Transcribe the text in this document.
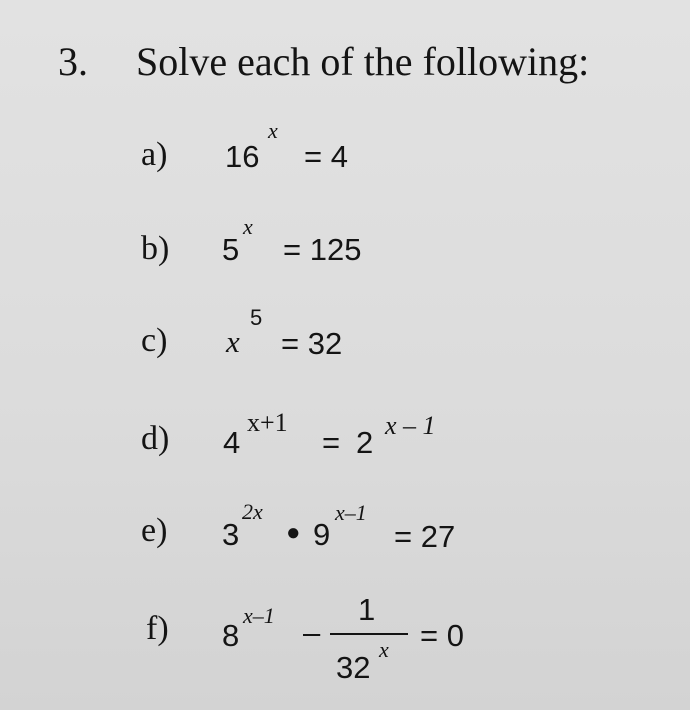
3. Solve each of the following:
a) 16
x
= 4
b) 5
x
= 125
c) x
5
= 32
d) 4
x+1
= 2 x – 1
e) 3
2x
● 9
x–1
= 27
f) 8
x–1 –
1
32
x = 0
